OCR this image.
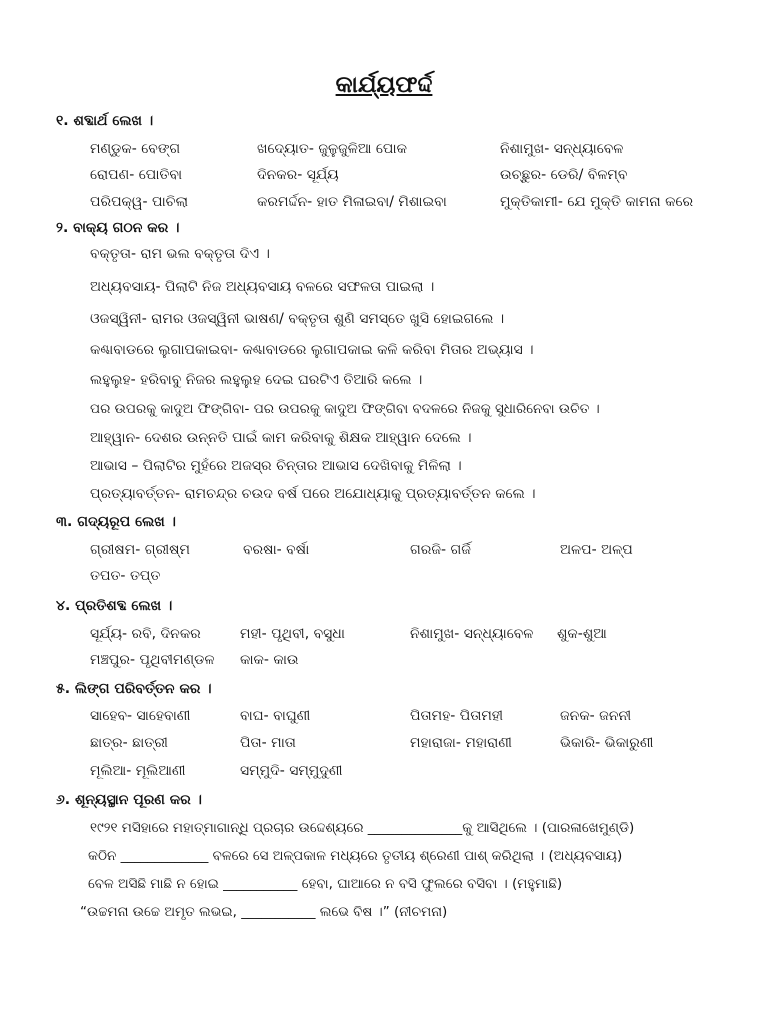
କାର୍ଯ୍ୟଫର୍ଦ୍ଦ
୧. ଶବ୍ଦାର୍ଥ ଲେଖ ।
ମଣ୍ଡୁକ- ବେଙ୍ଗ	ଖଦ୍ୟୋତ- ଜୁଳୁଜୁଳିଆ ପୋକ	ନିଶାମୁଖ- ସନ୍ଧ୍ୟାବେଳ
ରୋପଣ- ପୋତିବା	ଦିନକର- ସୂର୍ଯ୍ୟ	ଉଚ୍ଛୁର- ଡେରି/ ବିଳମ୍ବ
ପରିପକ୍ୱ- ପାଚିଲା	କରମର୍ଦ୍ଦନ- ହାତ ମିଳାଇବା/ ମିଶାଇବା	ମୁକ୍ତିକାମୀ- ଯେ ମୁକ୍ତି କାମନା କରେ
୨. ବାକ୍ୟ ଗଠନ କର ।
ବକ୍ତୃତା- ରାମ ଭଲ ବକ୍ତୃତା ଦିଏ ।
ଅଧ୍ୟବସାୟ- ପିଲାଟି ନିଜ ଅଧ୍ୟବସାୟ ବଳରେ ସଫଳତା ପାଇଲା ।
ଓଜସ୍ୱିନୀ- ରାମର ଓଜସ୍ୱିନୀ ଭାଷଣ/ ବକ୍ତୃତା ଶୁଣି ସମସ୍ତେ ଖୁସି ହୋଇଗଲେ ।
କଣ୍ଢାବାଡରେ ଲୁଗାପକାଇବା- କଣ୍ଢାବାଡରେ ଲୁଗାପକାଇ କଳି କରିବା ମିତାର ଅଭ୍ୟାସ ।
ଲହୁଲୁହ- ହରିବାବୁ ନିଜର ଲହୁଲୁହ ଦେଇ ଘରଟିଏ ତିଆରି କଲେ ।
ପର ଉପରକୁ କାଦୁଅ ଫିଙ୍ଗିବା- ପର ଉପରକୁ କାଦୁଅ ଫିଙ୍ଗିବା ବଦଳରେ ନିଜକୁ ସୁଧାରିନେବା ଉଚିତ ।
ଆହ୍ୱାନ- ଦେଶର ଉନ୍ନତି ପାଇଁ କାମ କରିବାକୁ ଶିକ୍ଷକ ଆହ୍ୱାନ ଦେଲେ ।
ଆଭାସ – ପିଲାଟିର ମୁହଁରେ ଅଜସ୍ର ଚିନ୍ତାର ଆଭାସ ଦେଖିବାକୁ ମିଳିଲା ।
ପ୍ରତ୍ୟାବର୍ତ୍ତନ- ରାମଚନ୍ଦ୍ର ଚଉଦ ବର୍ଷ ପରେ ଅଯୋଧ୍ୟାକୁ ପ୍ରତ୍ୟାବର୍ତ୍ତନ କଲେ ।
୩. ଗଦ୍ୟରୂପ ଲେଖ ।
ଗ୍ରୀଷମ- ଗ୍ରୀଷ୍ମ	ବରଷା- ବର୍ଷା	ଗରଜି- ଗର୍ଜି	ଅଳପ- ଅଳ୍ପ
ତପତ- ତପ୍ତ
୪. ପ୍ରତିଶବ୍ଦ ଲେଖ ।
ସୂର୍ଯ୍ୟ- ରବି, ଦିନକର	ମହୀ- ପୃଥିବୀ, ବସୁଧା	ନିଶାମୁଖ- ସନ୍ଧ୍ୟାବେଳ ଶୁକ-ଶୁଆ
ମଞ୍ଚପୁର- ପୃଥିବୀମଣ୍ଡଳ କାକ- କାଉ
୫. ଲିଙ୍ଗ ପରିବର୍ତ୍ତନ କର ।
ସାହେବ- ସାହେବାଣୀ	ବାଘ- ବାଘୁଣୀ	ପିତାମହ- ପିତାମହୀ	ଜନକ- ଜନନୀ
ଛାତ୍ର- ଛାତ୍ରୀ	ପିତା- ମାତା	ମହାରାଜା- ମହାରାଣୀ	ଭିକାରି- ଭିକାରୁଣୀ
ମୂଲିଆ- ମୂଲିଆଣୀ	ସମ୍ମୁଦି- ସମ୍ମୁଦୁଣୀ
୬. ଶୂନ୍ୟସ୍ଥାନ ପୂରଣ କର ।
୧୯୨୧ ମସିହାରେ ମହାତ୍ମାଗାନ୍ଧି ପ୍ରଚାର ଉଦ୍ଦେଶ୍ୟରେ ______________କୁ ଆସିଥିଲେ । (ପାରଳାଖେମୁଣ୍ଡି)
କଠିନ _____________ ବଳରେ ସେ ଅଳ୍ପକାଳ ମଧ୍ୟରେ ତୃତୀୟ ଶ୍ରେଣୀ ପାଶ୍ କରିଥିଲା । (ଅଧ୍ୟବସାୟ)
ବେଳ ଅସିଛି ମାଛି ନ ହୋଇ ___________ ହେବା, ଘାଆରେ ନ ବସି ଫୁଲରେ ବସିବା । (ମହୁମାଛି)
“ଉଚ୍ଚମନା ଉଚ୍ଚେ ଅମୃତ ଲଭଇ, ___________ ଲଭେ ବିଷ ।” (ନୀଚମନା)
